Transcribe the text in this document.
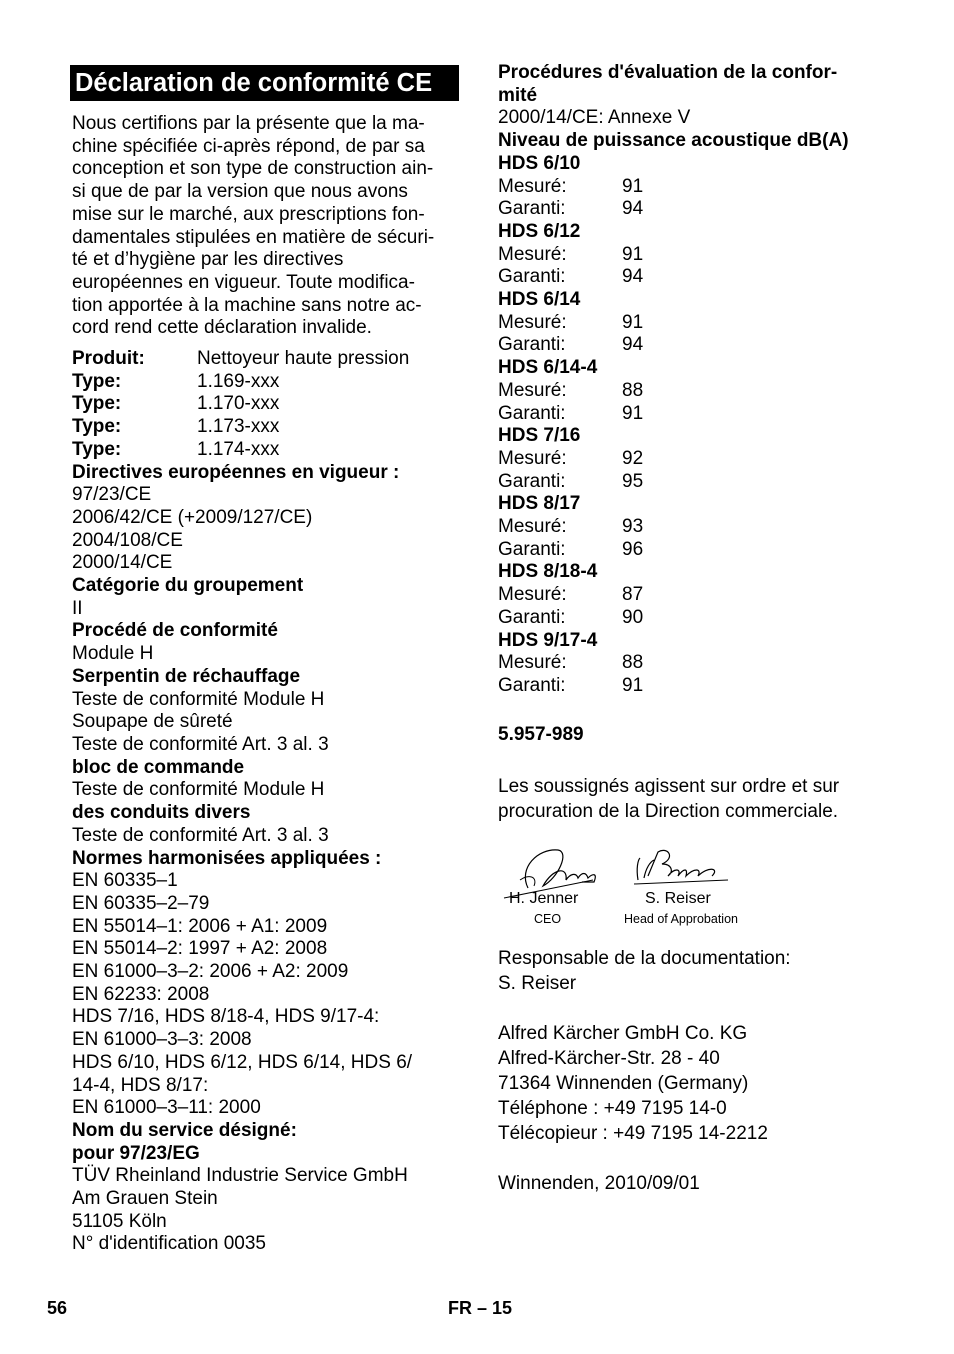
Déclaration de conformité CE
Nous certifions par la présente que la ma-
chine spécifiée ci-après répond, de par sa
conception et son type de construction ain-
si que de par la version que nous avons
mise sur le marché, aux prescriptions fon-
damentales stipulées en matière de sécuri-
té et d’hygiène par les directives
européennes en vigueur. Toute modifica-
tion apportée à la machine sans notre ac-
cord rend cette déclaration invalide.
Produit:	Nettoyeur haute pression
Type:	1.169-xxx
Type:	1.170-xxx
Type:	1.173-xxx
Type:	1.174-xxx
Directives européennes en vigueur :
97/23/CE
2006/42/CE (+2009/127/CE)
2004/108/CE
2000/14/CE
Catégorie du groupement
II
Procédé de conformité
Module H
Serpentin de réchauffage
Teste de conformité Module H
Soupape de sûreté
Teste de conformité Art. 3 al. 3
bloc de commande
Teste de conformité Module H
des conduits divers
Teste de conformité Art. 3 al. 3
Normes harmonisées appliquées :
EN 60335–1
EN 60335–2–79
EN 55014–1: 2006 + A1: 2009
EN 55014–2: 1997 + A2: 2008
EN 61000–3–2: 2006 + A2: 2009
EN 62233: 2008
HDS 7/16, HDS 8/18-4, HDS 9/17-4:
EN 61000–3–3: 2008
HDS 6/10, HDS 6/12, HDS 6/14, HDS 6/
14-4, HDS 8/17:
EN 61000–3–11: 2000
Nom du service désigné:
pour 97/23/EG
TÜV Rheinland Industrie Service GmbH
Am Grauen Stein
51105 Köln
N° d'identification 0035
Procédures d'évaluation de la confor-
mité
2000/14/CE: Annexe V
Niveau de puissance acoustique dB(A)
HDS 6/10
Mesuré:	91
Garanti:	94
HDS 6/12
Mesuré:	91
Garanti:	94
HDS 6/14
Mesuré:	91
Garanti:	94
HDS 6/14-4
Mesuré:	88
Garanti:	91
HDS 7/16
Mesuré:	92
Garanti:	95
HDS 8/17
Mesuré:	93
Garanti:	96
HDS 8/18-4
Mesuré:	87
Garanti:	90
HDS 9/17-4
Mesuré:	88
Garanti:	91
5.957-989
Les soussignés agissent sur ordre et sur
procuration de la Direction commerciale.
H. Jenner
CEO
S. Reiser
Head of Approbation
Responsable de la documentation:
S. Reiser
Alfred Kärcher GmbH Co. KG
Alfred-Kärcher-Str. 28 - 40
71364 Winnenden (Germany)
Téléphone : +49 7195 14-0
Télécopieur : +49 7195 14-2212
Winnenden, 2010/09/01
56	FR – 15
